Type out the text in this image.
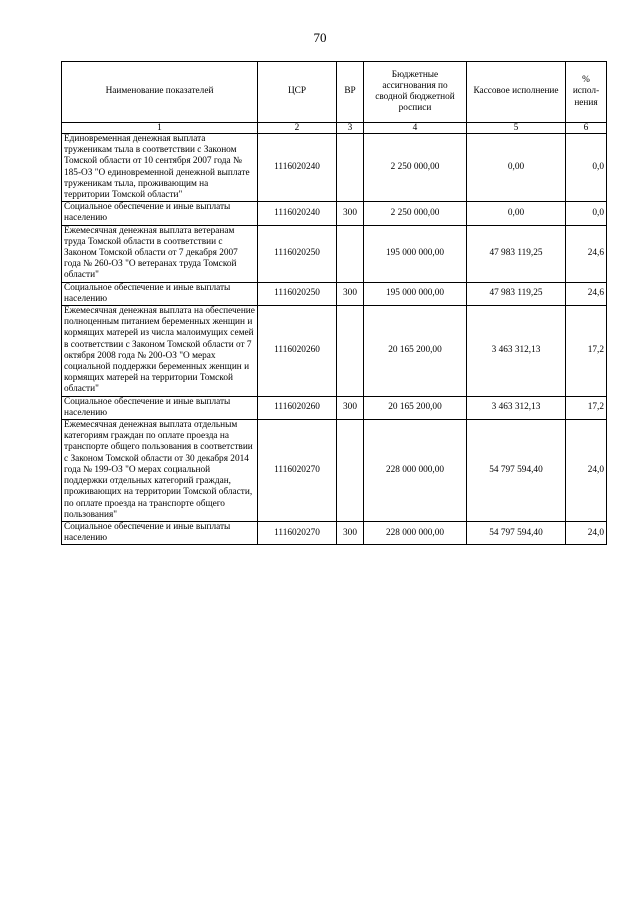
70
Наименование показателей	ЦСР	ВР	Бюджетные ассигнования по сводной бюджетной росписи	Кассовое исполнение	% испол-нения
1	2	3	4	5	6
Единовременная денежная выплата труженикам тыла в соответствии с Законом Томской области от 10 сентября 2007 года № 185-ОЗ "О единовременной денежной выплате труженикам тыла, проживающим на территории Томской области"	1116020240		2 250 000,00	0,00	0,0
Социальное обеспечение и иные выплаты населению	1116020240	300	2 250 000,00	0,00	0,0
Ежемесячная денежная выплата ветеранам труда Томской области в соответствии с Законом Томской области от 7 декабря 2007 года № 260-ОЗ "О ветеранах труда Томской области"	1116020250		195 000 000,00	47 983 119,25	24,6
Социальное обеспечение и иные выплаты населению	1116020250	300	195 000 000,00	47 983 119,25	24,6
Ежемесячная денежная выплата на обеспечение полноценным питанием беременных женщин и кормящих матерей из числа малоимущих семей в соответствии с Законом Томской области от 7 октября 2008 года № 200-ОЗ "О мерах социальной поддержки беременных женщин и кормящих матерей на территории Томской области"	1116020260		20 165 200,00	3 463 312,13	17,2
Социальное обеспечение и иные выплаты населению	1116020260	300	20 165 200,00	3 463 312,13	17,2
Ежемесячная денежная выплата отдельным категориям граждан по оплате проезда на транспорте общего пользования в соответствии с Законом Томской области от 30 декабря 2014 года № 199-ОЗ "О мерах социальной поддержки отдельных категорий граждан, проживающих на территории Томской области, по оплате проезда на транспорте общего пользования"	1116020270		228 000 000,00	54 797 594,40	24,0
Социальное обеспечение и иные выплаты населению	1116020270	300	228 000 000,00	54 797 594,40	24,0
